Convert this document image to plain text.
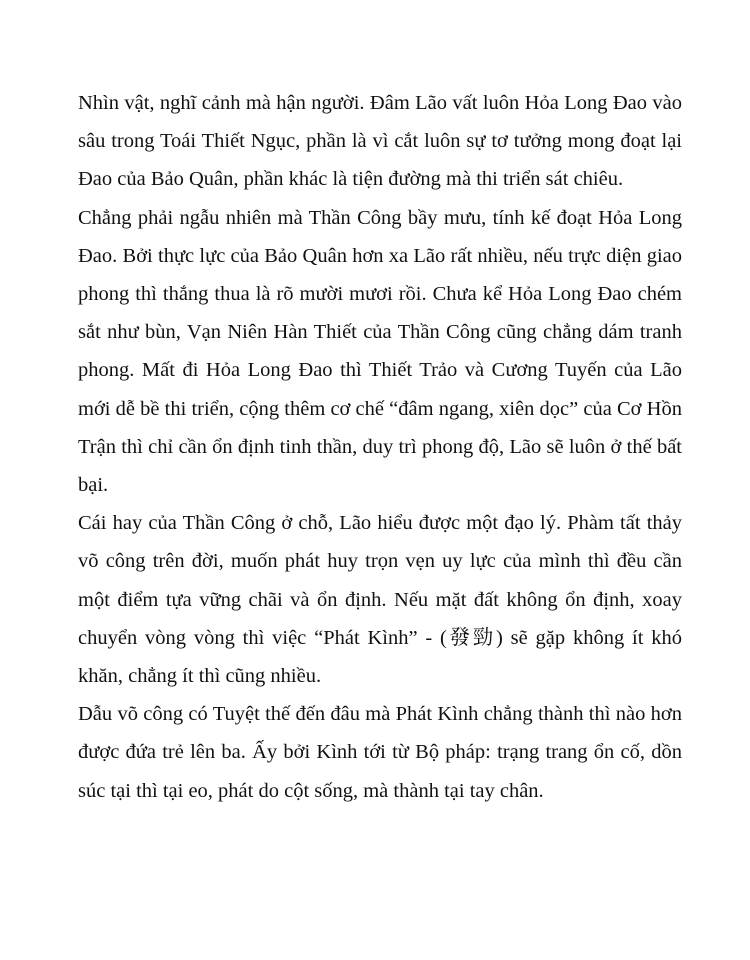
Nhìn vật, nghĩ cảnh mà hận người. Đâm Lão vất luôn Hỏa Long Đao vào sâu trong Toái Thiết Ngục, phần là vì cắt luôn sự tơ tưởng mong đoạt lại Đao của Bảo Quân, phần khác là tiện đường mà thi triển sát chiêu.

Chẳng phải ngẫu nhiên mà Thần Công bầy mưu, tính kế đoạt Hỏa Long Đao. Bởi thực lực của Bảo Quân hơn xa Lão rất nhiều, nếu trực diện giao phong thì thắng thua là rõ mười mươi rồi. Chưa kể Hỏa Long Đao chém sắt như bùn, Vạn Niên Hàn Thiết của Thần Công cũng chẳng dám tranh phong. Mất đi Hỏa Long Đao thì Thiết Trảo và Cương Tuyến của Lão mới dễ bề thi triển, cộng thêm cơ chế “đâm ngang, xiên dọc” của Cơ Hồn Trận thì chỉ cần ổn định tinh thần, duy trì phong độ, Lão sẽ luôn ở thế bất bại.

Cái hay của Thần Công ở chỗ, Lão hiểu được một đạo lý. Phàm tất thảy võ công trên đời, muốn phát huy trọn vẹn uy lực của mình thì đều cần một điểm tựa vững chãi và ổn định. Nếu mặt đất không ổn định, xoay chuyển vòng vòng thì việc “Phát Kình” - (發勁) sẽ gặp không ít khó khăn, chẳng ít thì cũng nhiều.

Dẫu võ công có Tuyệt thế đến đâu mà Phát Kình chẳng thành thì nào hơn được đứa trẻ lên ba. Ấy bởi Kình tới từ Bộ pháp: trạng trang ổn cố, dồn súc tại thì tại eo, phát do cột sống, mà thành tại tay chân.
